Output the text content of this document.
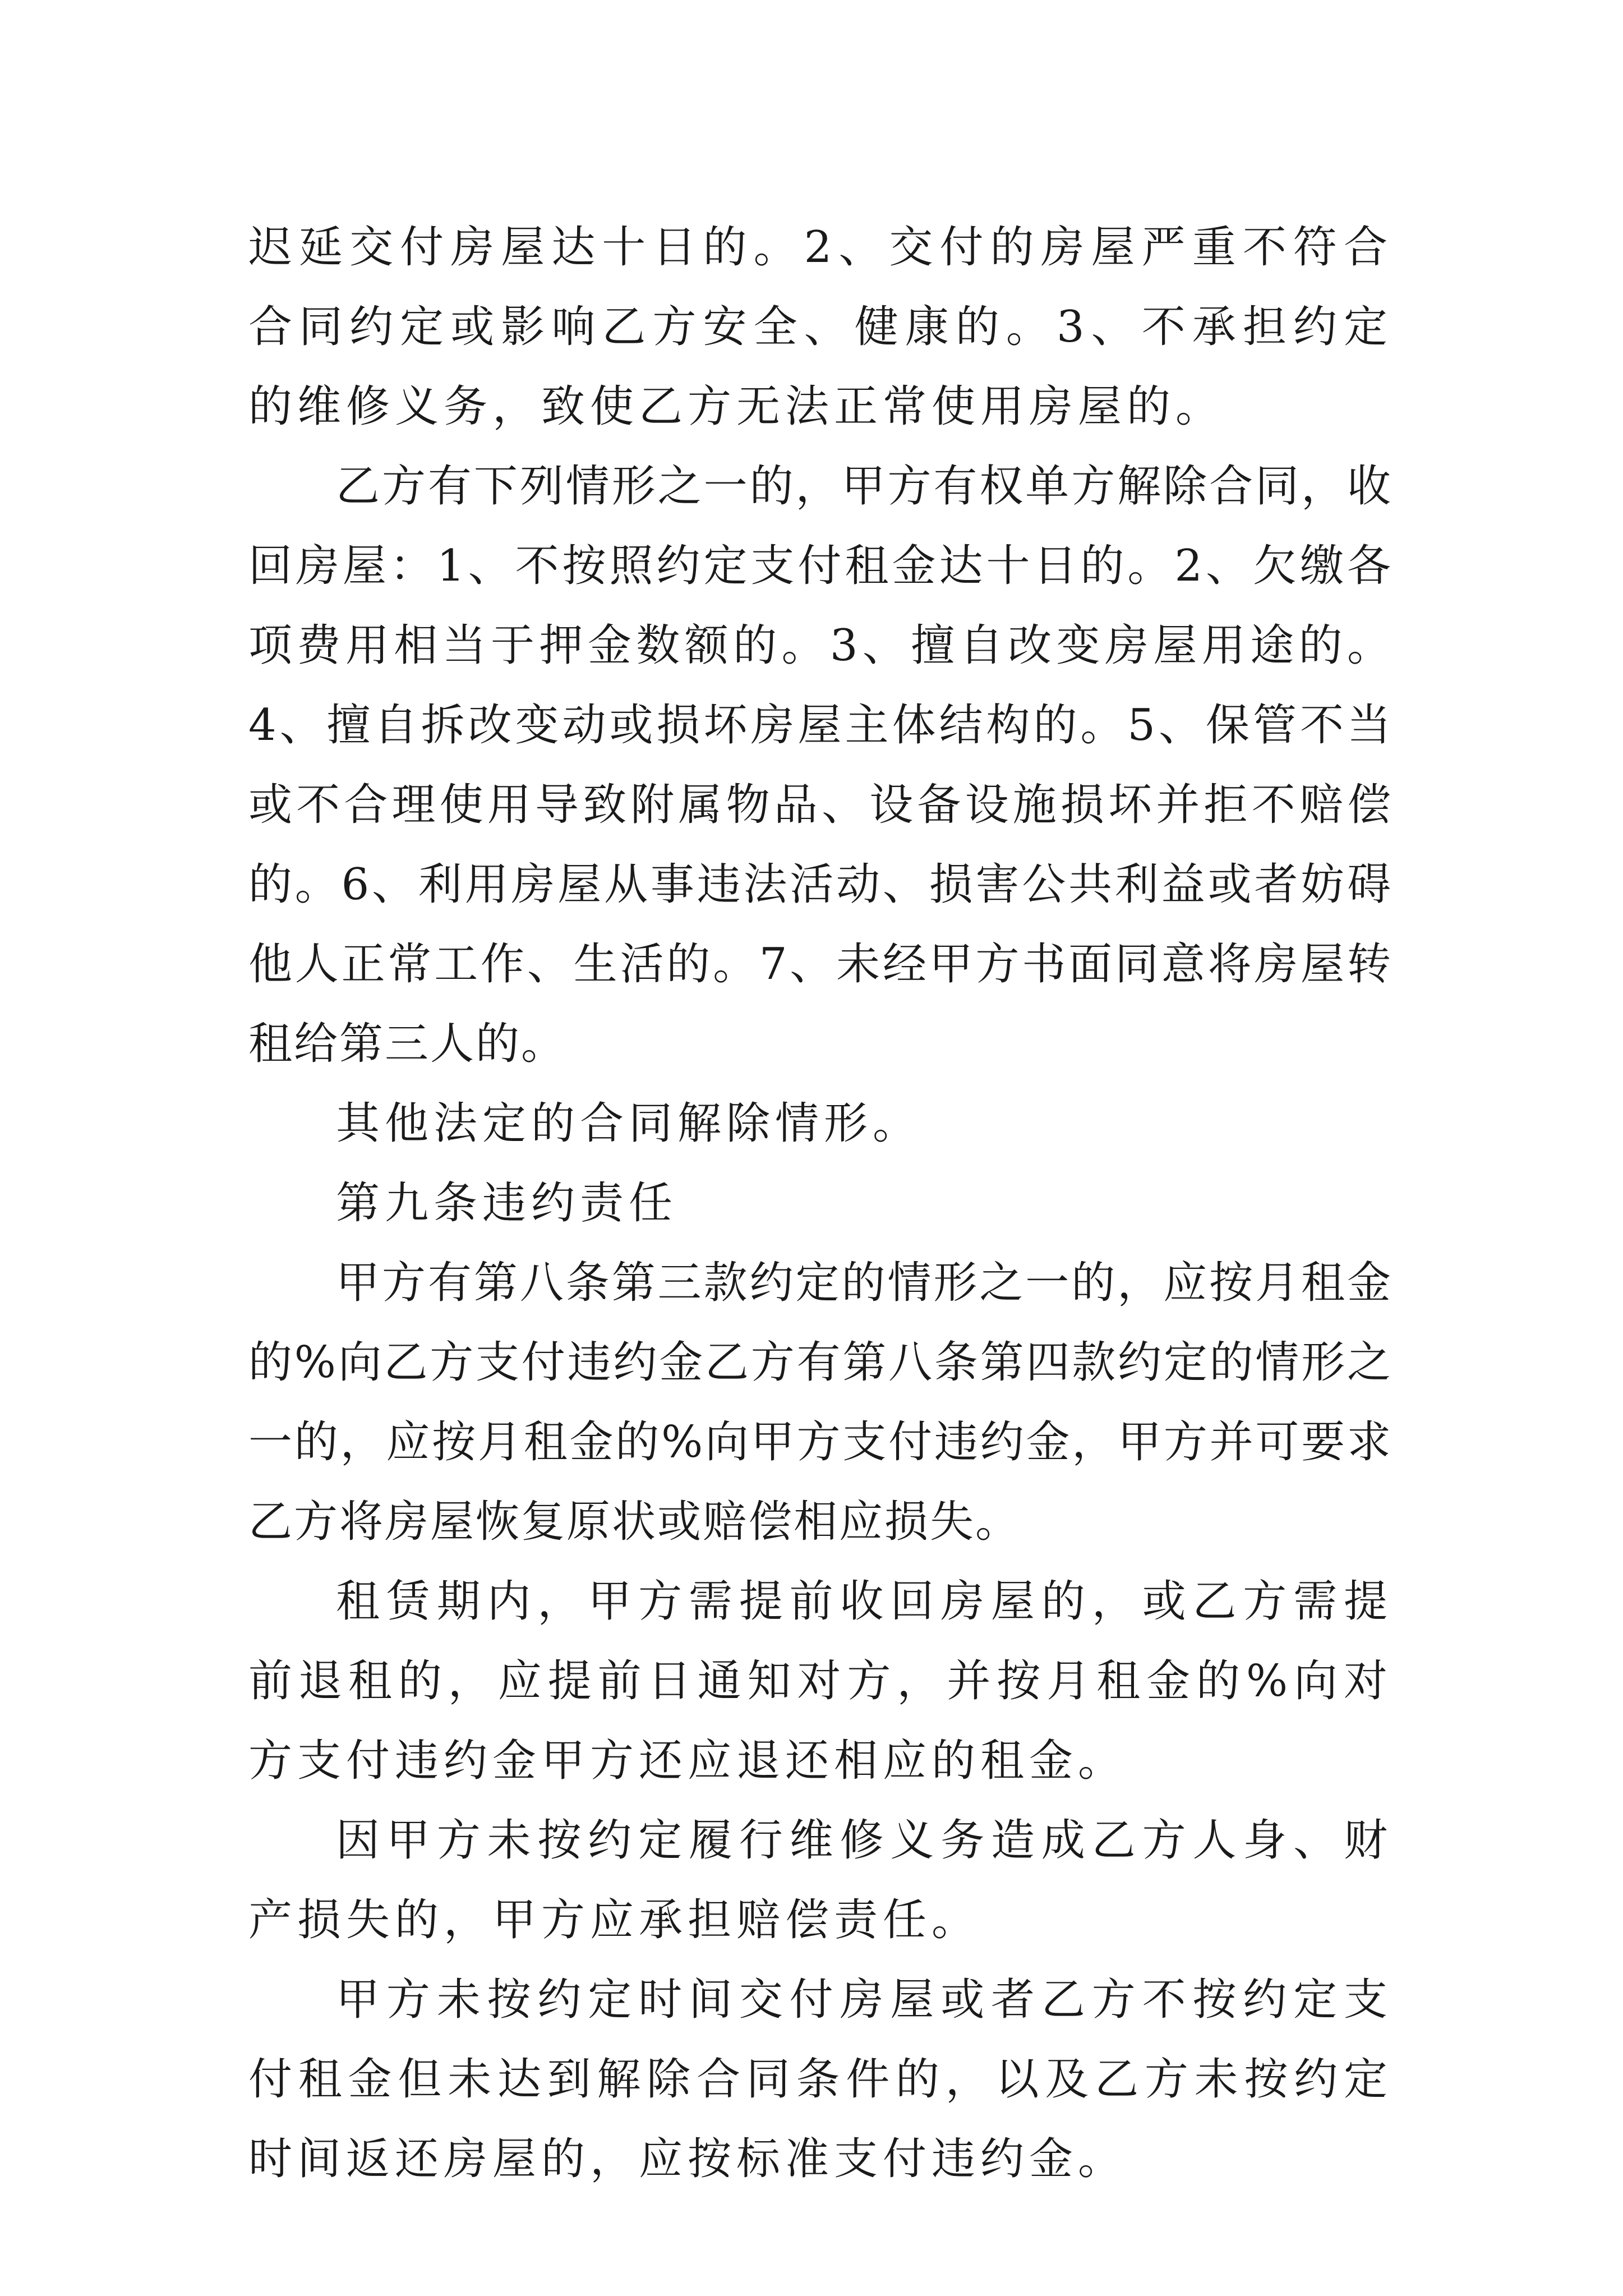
迟延交付房屋达十日的。2、交付的房屋严重不符合合同约定或影响乙方安全、健康的。3、不承担约定的维修义务，致使乙方无法正常使用房屋的。

乙方有下列情形之一的，甲方有权单方解除合同，收回房屋：1、不按照约定支付租金达十日的。2、欠缴各项费用相当于押金数额的。3、擅自改变房屋用途的。4、擅自拆改变动或损坏房屋主体结构的。5、保管不当或不合理使用导致附属物品、设备设施损坏并拒不赔偿的。6、利用房屋从事违法活动、损害公共利益或者妨碍他人正常工作、生活的。7、未经甲方书面同意将房屋转租给第三人的。

其他法定的合同解除情形。

第九条违约责任

甲方有第八条第三款约定的情形之一的，应按月租金的%向乙方支付违约金乙方有第八条第四款约定的情形之一的，应按月租金的%向甲方支付违约金，甲方并可要求乙方将房屋恢复原状或赔偿相应损失。

租赁期内，甲方需提前收回房屋的，或乙方需提前退租的，应提前日通知对方，并按月租金的%向对方支付违约金甲方还应退还相应的租金。

因甲方未按约定履行维修义务造成乙方人身、财产损失的，甲方应承担赔偿责任。

甲方未按约定时间交付房屋或者乙方不按约定支付租金但未达到解除合同条件的，以及乙方未按约定时间返还房屋的，应按标准支付违约金。
